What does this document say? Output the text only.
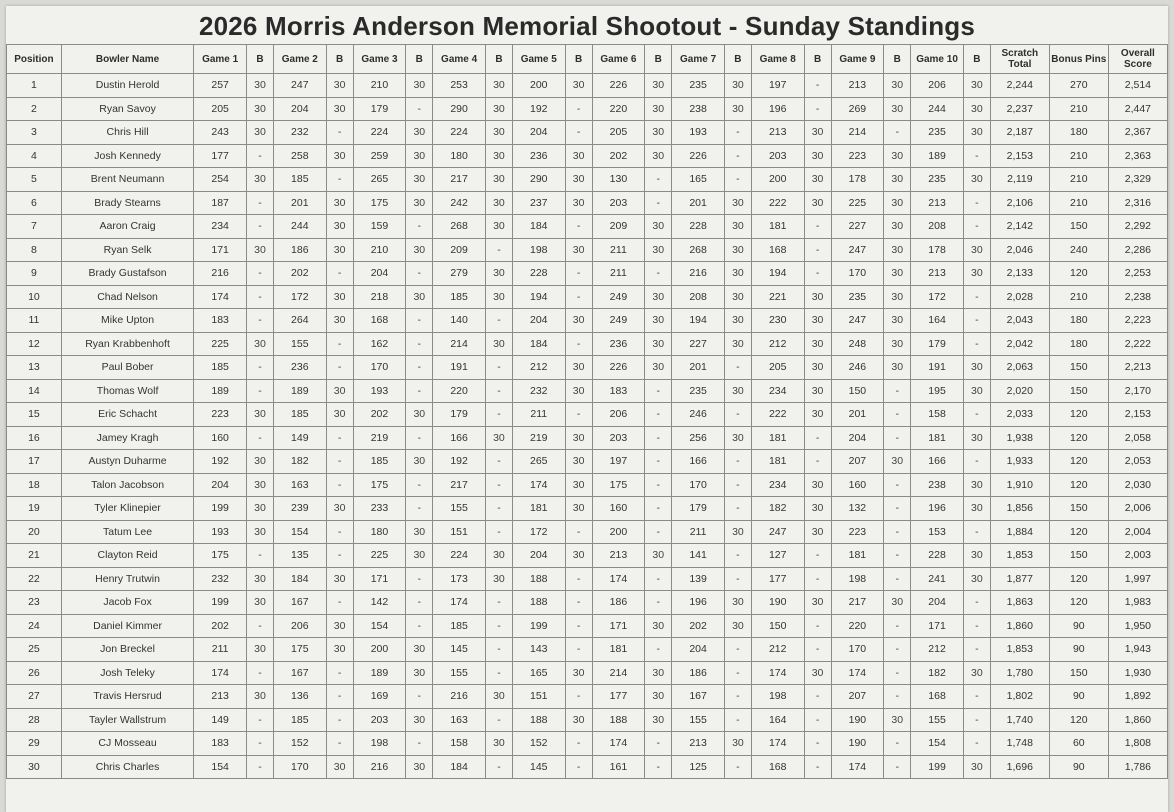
2026 Morris Anderson Memorial Shootout - Sunday Standings
Position	Bowler Name	Game 1	B	Game 2	B	Game 3	B	Game 4	B	Game 5	B	Game 6	B	Game 7	B	Game 8	B	Game 9	B	Game 10	B	Scratch Total	Bonus Pins	Overall Score
1	Dustin Herold	257	30	247	30	210	30	253	30	200	30	226	30	235	30	197	-	213	30	206	30	2,244	270	2,514
2	Ryan Savoy	205	30	204	30	179	-	290	30	192	-	220	30	238	30	196	-	269	30	244	30	2,237	210	2,447
3	Chris Hill	243	30	232	-	224	30	224	30	204	-	205	30	193	-	213	30	214	-	235	30	2,187	180	2,367
4	Josh Kennedy	177	-	258	30	259	30	180	30	236	30	202	30	226	-	203	30	223	30	189	-	2,153	210	2,363
5	Brent Neumann	254	30	185	-	265	30	217	30	290	30	130	-	165	-	200	30	178	30	235	30	2,119	210	2,329
6	Brady Stearns	187	-	201	30	175	30	242	30	237	30	203	-	201	30	222	30	225	30	213	-	2,106	210	2,316
7	Aaron Craig	234	-	244	30	159	-	268	30	184	-	209	30	228	30	181	-	227	30	208	-	2,142	150	2,292
8	Ryan Selk	171	30	186	30	210	30	209	-	198	30	211	30	268	30	168	-	247	30	178	30	2,046	240	2,286
9	Brady Gustafson	216	-	202	-	204	-	279	30	228	-	211	-	216	30	194	-	170	30	213	30	2,133	120	2,253
10	Chad Nelson	174	-	172	30	218	30	185	30	194	-	249	30	208	30	221	30	235	30	172	-	2,028	210	2,238
11	Mike Upton	183	-	264	30	168	-	140	-	204	30	249	30	194	30	230	30	247	30	164	-	2,043	180	2,223
12	Ryan Krabbenhoft	225	30	155	-	162	-	214	30	184	-	236	30	227	30	212	30	248	30	179	-	2,042	180	2,222
13	Paul Bober	185	-	236	-	170	-	191	-	212	30	226	30	201	-	205	30	246	30	191	30	2,063	150	2,213
14	Thomas Wolf	189	-	189	30	193	-	220	-	232	30	183	-	235	30	234	30	150	-	195	30	2,020	150	2,170
15	Eric Schacht	223	30	185	30	202	30	179	-	211	-	206	-	246	-	222	30	201	-	158	-	2,033	120	2,153
16	Jamey Kragh	160	-	149	-	219	-	166	30	219	30	203	-	256	30	181	-	204	-	181	30	1,938	120	2,058
17	Austyn Duharme	192	30	182	-	185	30	192	-	265	30	197	-	166	-	181	-	207	30	166	-	1,933	120	2,053
18	Talon Jacobson	204	30	163	-	175	-	217	-	174	30	175	-	170	-	234	30	160	-	238	30	1,910	120	2,030
19	Tyler Klinepier	199	30	239	30	233	-	155	-	181	30	160	-	179	-	182	30	132	-	196	30	1,856	150	2,006
20	Tatum Lee	193	30	154	-	180	30	151	-	172	-	200	-	211	30	247	30	223	-	153	-	1,884	120	2,004
21	Clayton Reid	175	-	135	-	225	30	224	30	204	30	213	30	141	-	127	-	181	-	228	30	1,853	150	2,003
22	Henry Trutwin	232	30	184	30	171	-	173	30	188	-	174	-	139	-	177	-	198	-	241	30	1,877	120	1,997
23	Jacob Fox	199	30	167	-	142	-	174	-	188	-	186	-	196	30	190	30	217	30	204	-	1,863	120	1,983
24	Daniel Kimmer	202	-	206	30	154	-	185	-	199	-	171	30	202	30	150	-	220	-	171	-	1,860	90	1,950
25	Jon Breckel	211	30	175	30	200	30	145	-	143	-	181	-	204	-	212	-	170	-	212	-	1,853	90	1,943
26	Josh Teleky	174	-	167	-	189	30	155	-	165	30	214	30	186	-	174	30	174	-	182	30	1,780	150	1,930
27	Travis Hersrud	213	30	136	-	169	-	216	30	151	-	177	30	167	-	198	-	207	-	168	-	1,802	90	1,892
28	Tayler Wallstrum	149	-	185	-	203	30	163	-	188	30	188	30	155	-	164	-	190	30	155	-	1,740	120	1,860
29	CJ Mosseau	183	-	152	-	198	-	158	30	152	-	174	-	213	30	174	-	190	-	154	-	1,748	60	1,808
30	Chris Charles	154	-	170	30	216	30	184	-	145	-	161	-	125	-	168	-	174	-	199	30	1,696	90	1,786
